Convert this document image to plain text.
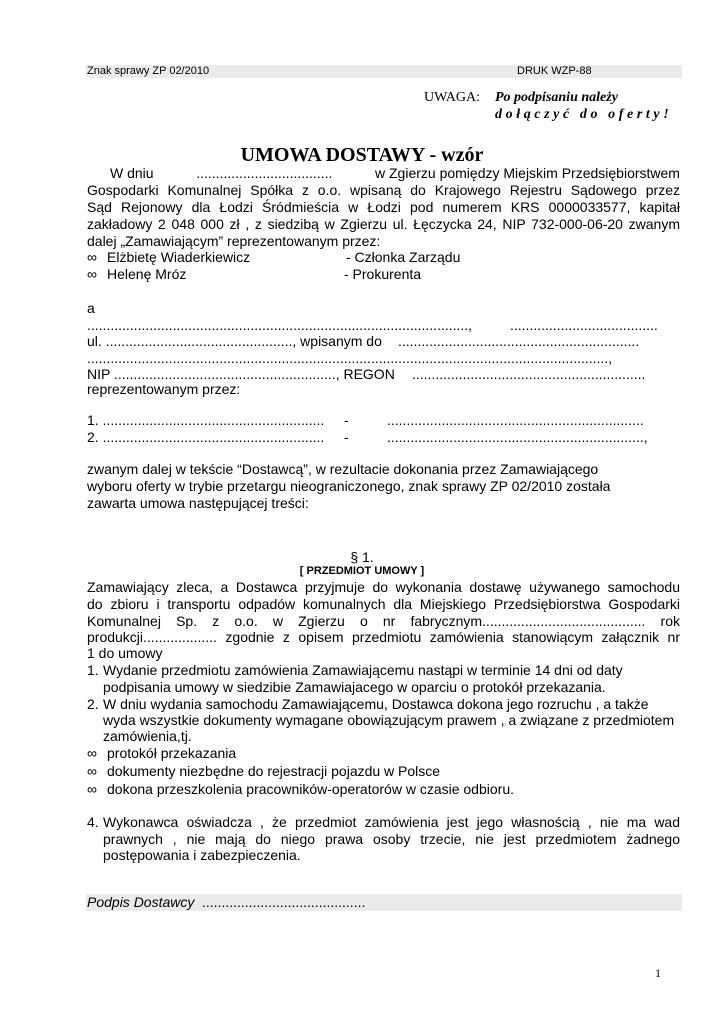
Znak sprawy ZP 02/2010	DRUK WZP-88
UWAGA: Po podpisaniu należy
dołączyć do oferty!
UMOWA DOSTAWY - wzór
W dniu	...................................	w Zgierzu pomiędzy Miejskim Przedsiębiorstwem
Gospodarki Komunalnej Spółka z o.o. wpisaną do Krajowego Rejestru Sądowego przez
Sąd Rejonowy dla Łodzi Śródmieścia w Łodzi pod numerem KRS 0000033577, kapitał
zakładowy 2 048 000 zł , z siedzibą w Zgierzu ul. Łęczycka 24, NIP 732-000-06-20 zwanym
dalej „Zamawiającym” reprezentowanym przez:
∞ Elżbietę Wiaderkiewicz	- Członka Zarządu
∞ Helenę Mróz	- Prokurenta
a
..................................................................................................,	......................................
ul. ................................................, wpisanym do ..............................................................
......................................................................................................................................,
NIP ........................................................., REGON ............................................................
reprezentowanym przez:
1. ......................................................... -	..................................................................
2. ......................................................... -	..................................................................,
zwanym dalej w tekście “Dostawcą”, w rezultacie dokonania przez Zamawiającego
wyboru oferty w trybie przetargu nieograniczonego, znak sprawy ZP 02/2010 została
zawarta umowa następującej treści:
§ 1.
[ PRZEDMIOT UMOWY ]
Zamawiający zleca, a Dostawca przyjmuje do wykonania dostawę używanego samochodu
do zbioru i transportu odpadów komunalnych dla Miejskiego Przedsiębiorstwa Gospodarki
Komunalnej Sp. z o.o. w Zgierzu o nr fabrycznym.......................................... rok
produkcji................... zgodnie z opisem przedmiotu zamówienia stanowiącym załącznik nr
1 do umowy
1. Wydanie przedmiotu zamówienia Zamawiającemu nastąpi w terminie 14 dni od daty
podpisania umowy w siedzibie Zamawiajacego w oparciu o protokół przekazania.
2. W dniu wydania samochodu Zamawiającemu, Dostawca dokona jego rozruchu , a także
wyda wszystkie dokumenty wymagane obowiązującym prawem , a związane z przedmiotem
zamówienia,tj.
∞ protokół przekazania
∞ dokumenty niezbędne do rejestracji pojazdu w Polsce
∞ dokona przeszkolenia pracowników-operatorów w czasie odbioru.
4. Wykonawca oświadcza , że przedmiot zamówienia jest jego własnością , nie ma wad
prawnych , nie mają do niego prawa osoby trzecie, nie jest przedmiotem żadnego
postępowania i zabezpieczenia.
Podpis Dostawcy ..........................................
1
